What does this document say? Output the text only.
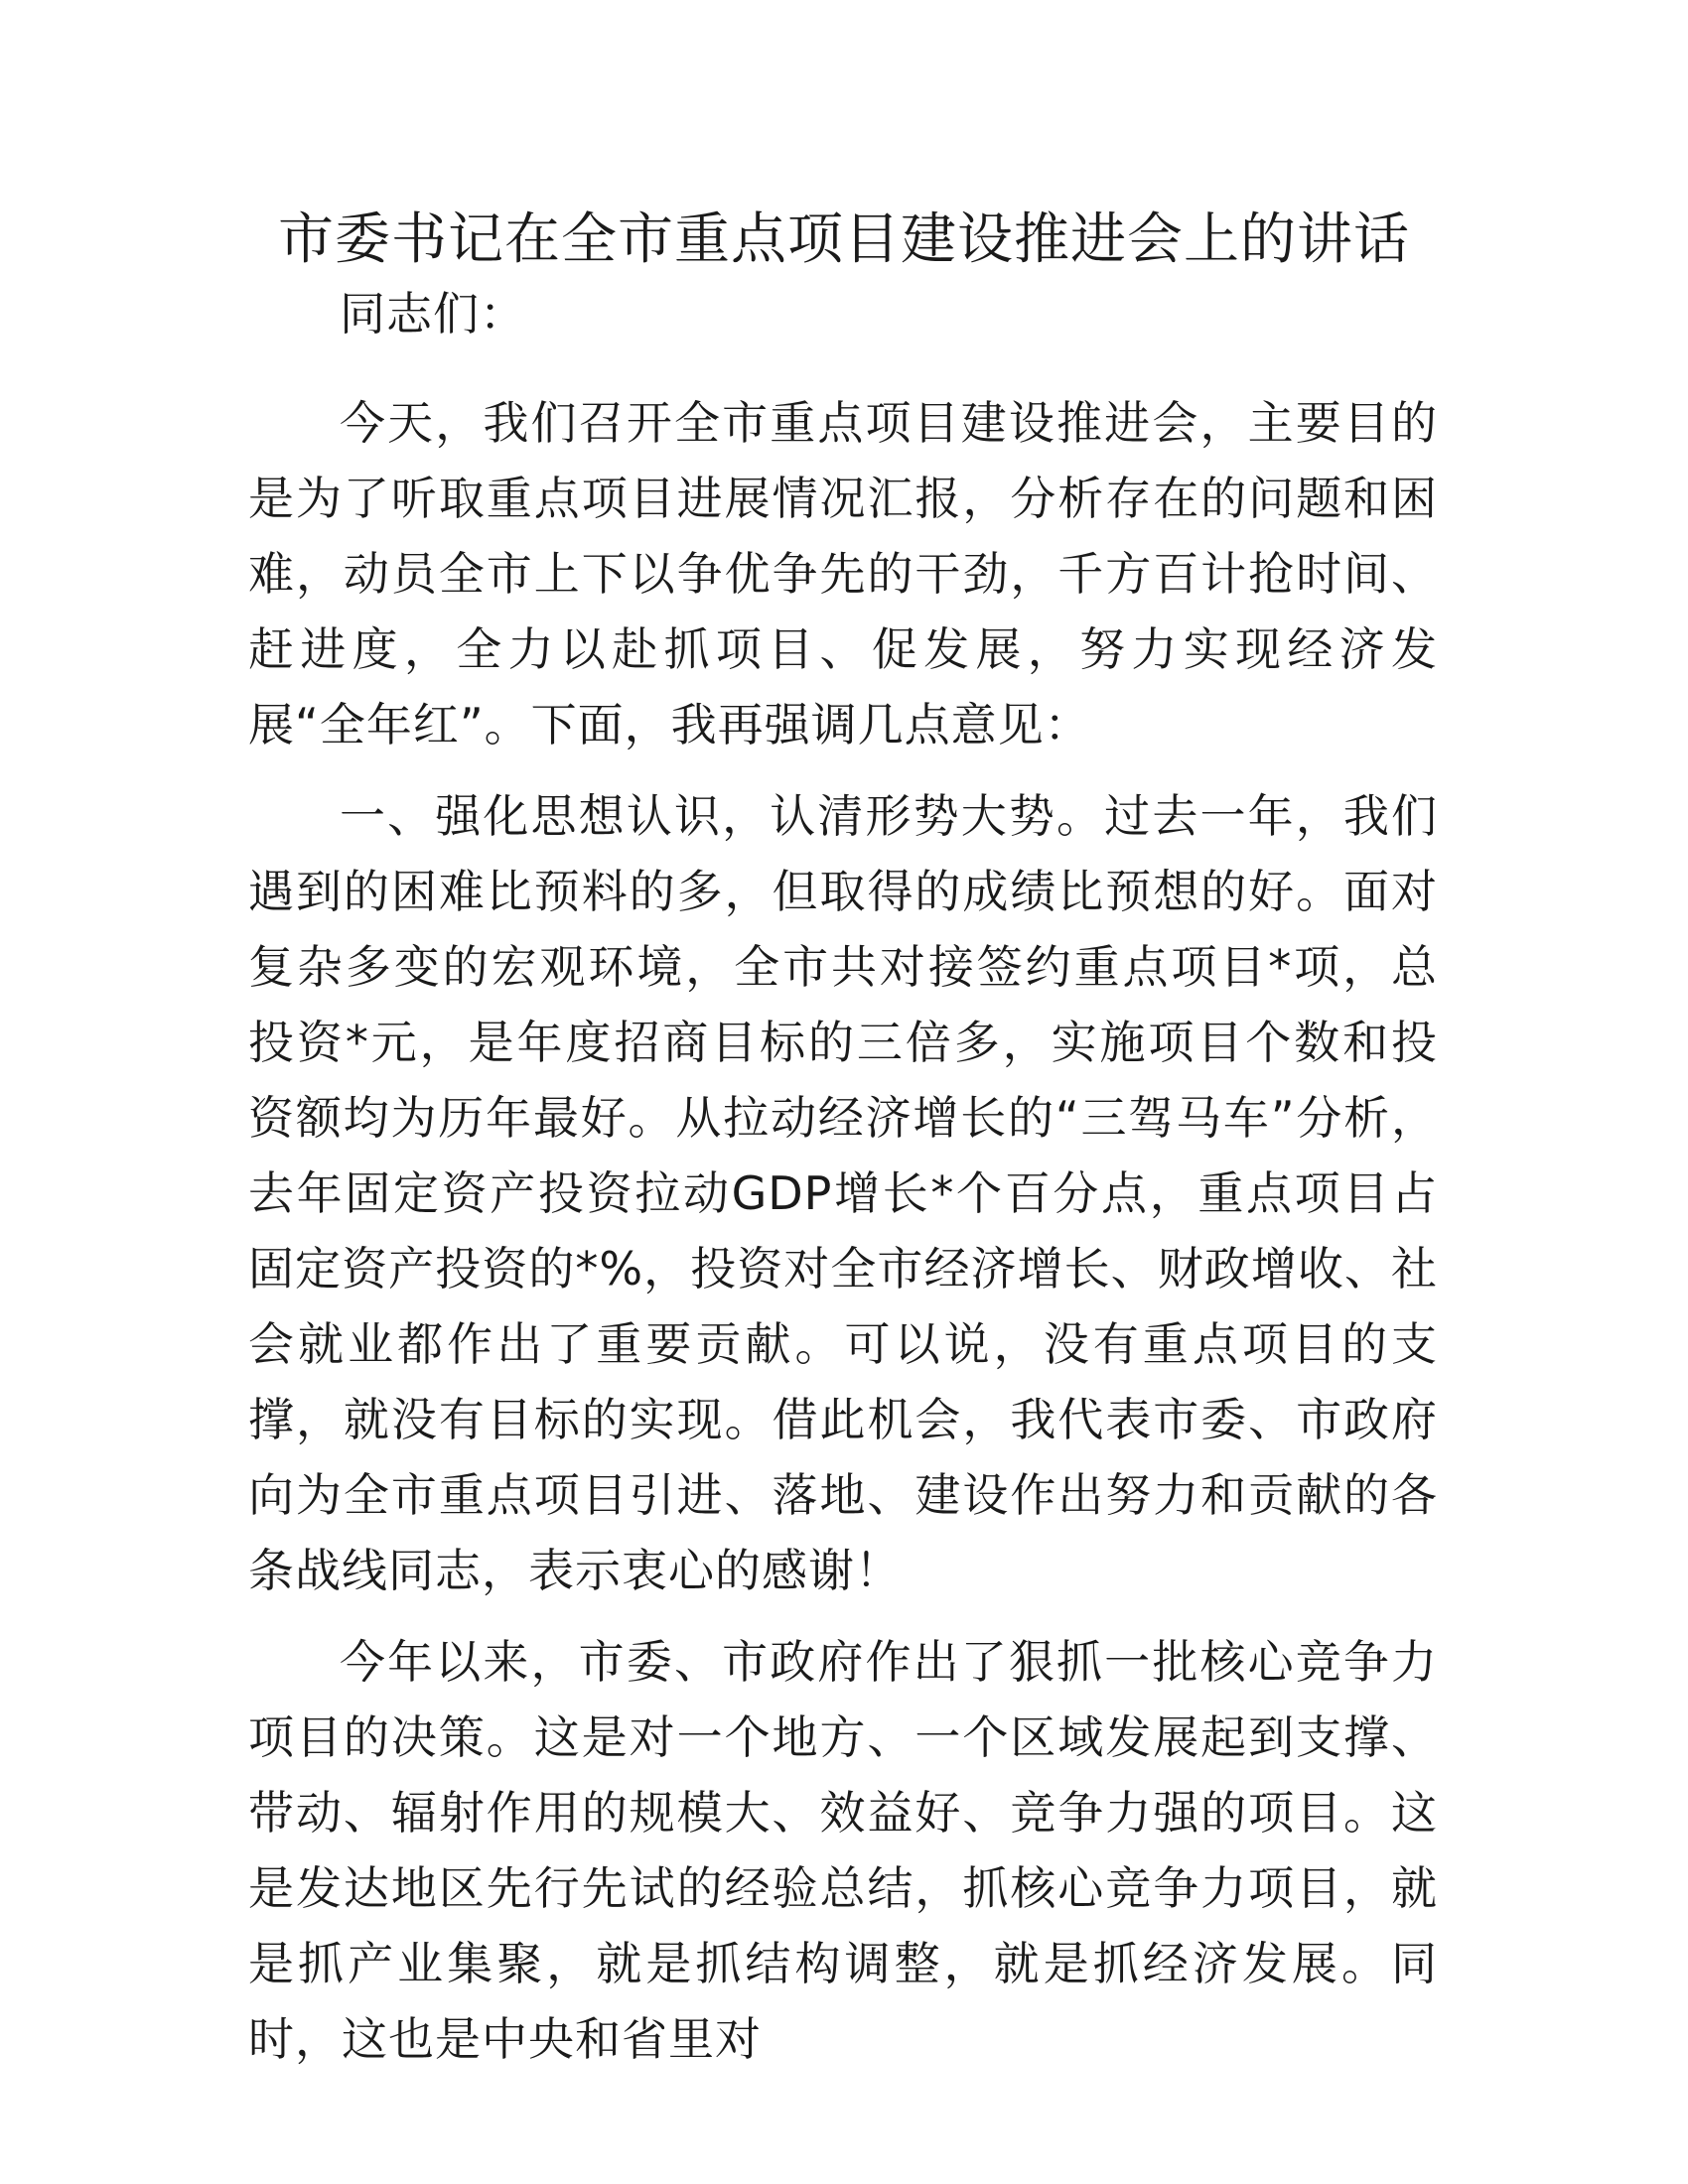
市委书记在全市重点项目建设推进会上的讲话

同志们：

今天，我们召开全市重点项目建设推进会，主要目的是为了听取重点项目进展情况汇报，分析存在的问题和困难，动员全市上下以争优争先的干劲，千方百计抢时间、赶进度，全力以赴抓项目、促发展，努力实现经济发展“全年红”。下面，我再强调几点意见：

一、强化思想认识，认清形势大势。过去一年，我们遇到的困难比预料的多，但取得的成绩比预想的好。面对复杂多变的宏观环境，全市共对接签约重点项目*项，总投资*元，是年度招商目标的三倍多，实施项目个数和投资额均为历年最好。从拉动经济增长的“三驾马车”分析，去年固定资产投资拉动GDP增长*个百分点，重点项目占固定资产投资的*%，投资对全市经济增长、财政增收、社会就业都作出了重要贡献。可以说，没有重点项目的支撑，就没有目标的实现。借此机会，我代表市委、市政府向为全市重点项目引进、落地、建设作出努力和贡献的各条战线同志，表示衷心的感谢！

今年以来，市委、市政府作出了狠抓一批核心竞争力项目的决策。这是对一个地方、一个区域发展起到支撑、带动、辐射作用的规模大、效益好、竞争力强的项目。这是发达地区先行先试的经验总结，抓核心竞争力项目，就是抓产业集聚，就是抓结构调整，就是抓经济发展。同时，这也是中央和省里对
